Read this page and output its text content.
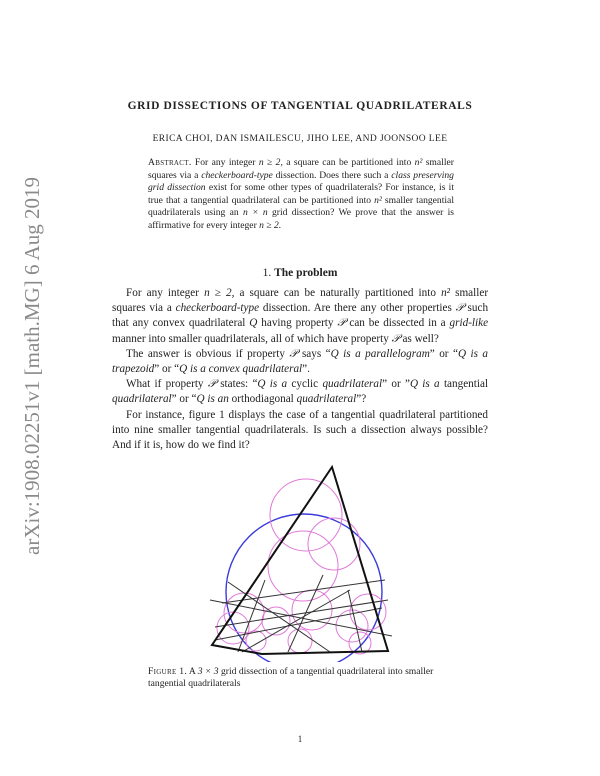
arXiv:1908.02251v1 [math.MG] 6 Aug 2019
GRID DISSECTIONS OF TANGENTIAL QUADRILATERALS
ERICA CHOI, DAN ISMAILESCU, JIHO LEE, AND JOONSOO LEE
Abstract. For any integer n ≥ 2, a square can be partitioned into n² smaller squares via a checkerboard-type dissection. Does there such a class preserving grid dissection exist for some other types of quadrilaterals? For instance, is it true that a tangential quadrilateral can be partitioned into n² smaller tangential quadrilaterals using an n × n grid dissection? We prove that the answer is affirmative for every integer n ≥ 2.
1. The problem

For any integer n ≥ 2, a square can be naturally partitioned into n² smaller squares via a checkerboard-type dissection. Are there any other properties 𝒫 such that any convex quadrilateral Q having property 𝒫 can be dissected in a grid-like manner into smaller quadrilaterals, all of which have property 𝒫 as well?

The answer is obvious if property 𝒫 says “Q is a parallelogram” or “Q is a trapezoid” or “Q is a convex quadrilateral”.

What if property 𝒫 states: “Q is a cyclic quadrilateral” or ”Q is a tangential quadrilateral” or “Q is an orthodiagonal quadrilateral”?

For instance, figure 1 displays the case of a tangential quadrilateral partitioned into nine smaller tangential quadrilaterals. Is such a dissection always possible? And if it is, how do we find it?

Figure 1. A 3 × 3 grid dissection of a tangential quadrilateral into smaller tangential quadrilaterals
1
